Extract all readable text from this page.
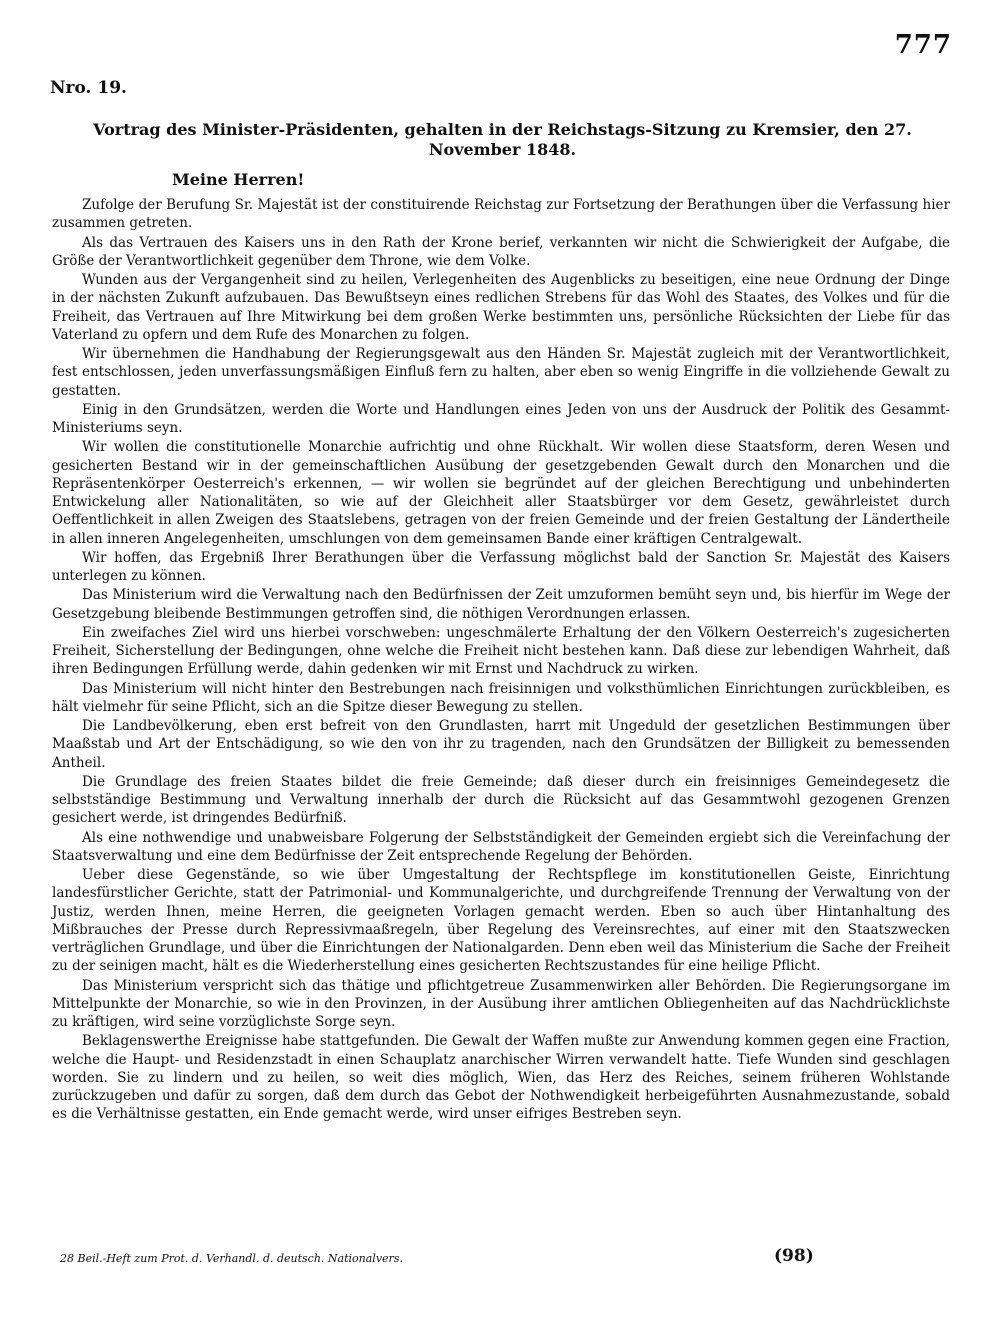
777
Nro. 19.
Vortrag des Minister-Präsidenten, gehalten in der Reichstags-Sitzung zu Kremsier, den 27. November 1848.
Meine Herren!

Zufolge der Berufung Sr. Majestät ist der constituirende Reichstag zur Fortsetzung der Berathungen über die Verfassung hier zusammen getreten.

Als das Vertrauen des Kaisers uns in den Rath der Krone berief, verkannten wir nicht die Schwierigkeit der Aufgabe, die Größe der Verantwortlichkeit gegenüber dem Throne, wie dem Volke.

Wunden aus der Vergangenheit sind zu heilen, Verlegenheiten des Augenblicks zu beseitigen, eine neue Ordnung der Dinge in der nächsten Zukunft aufzubauen. Das Bewußtseyn eines redlichen Strebens für das Wohl des Staates, des Volkes und für die Freiheit, das Vertrauen auf Ihre Mitwirkung bei dem großen Werke bestimmten uns, persönliche Rücksichten der Liebe für das Vaterland zu opfern und dem Rufe des Monarchen zu folgen.

Wir übernehmen die Handhabung der Regierungsgewalt aus den Händen Sr. Majestät zugleich mit der Verantwortlichkeit, fest entschlossen, jeden unverfassungsmäßigen Einfluß fern zu halten, aber eben so wenig Eingriffe in die vollziehende Gewalt zu gestatten.

Einig in den Grundsätzen, werden die Worte und Handlungen eines Jeden von uns der Ausdruck der Politik des Gesammt-Ministeriums seyn.

Wir wollen die constitutionelle Monarchie aufrichtig und ohne Rückhalt. Wir wollen diese Staatsform, deren Wesen und gesicherten Bestand wir in der gemeinschaftlichen Ausübung der gesetzgebenden Gewalt durch den Monarchen und die Repräsentenkörper Oesterreich's erkennen, — wir wollen sie begründet auf der gleichen Berechtigung und unbehinderten Entwickelung aller Nationalitäten, so wie auf der Gleichheit aller Staatsbürger vor dem Gesetz, gewährleistet durch Oeffentlichkeit in allen Zweigen des Staatslebens, getragen von der freien Gemeinde und der freien Gestaltung der Ländertheile in allen inneren Angelegenheiten, umschlungen von dem gemeinsamen Bande einer kräftigen Centralgewalt.

Wir hoffen, das Ergebniß Ihrer Berathungen über die Verfassung möglichst bald der Sanction Sr. Majestät des Kaisers unterlegen zu können.

Das Ministerium wird die Verwaltung nach den Bedürfnissen der Zeit umzuformen bemüht seyn und, bis hierfür im Wege der Gesetzgebung bleibende Bestimmungen getroffen sind, die nöthigen Verordnungen erlassen.

Ein zweifaches Ziel wird uns hierbei vorschweben: ungeschmälerte Erhaltung der den Völkern Oesterreich's zugesicherten Freiheit, Sicherstellung der Bedingungen, ohne welche die Freiheit nicht bestehen kann. Daß diese zur lebendigen Wahrheit, daß ihren Bedingungen Erfüllung werde, dahin gedenken wir mit Ernst und Nachdruck zu wirken.

Das Ministerium will nicht hinter den Bestrebungen nach freisinnigen und volksthümlichen Einrichtungen zurückbleiben, es hält vielmehr für seine Pflicht, sich an die Spitze dieser Bewegung zu stellen.

Die Landbevölkerung, eben erst befreit von den Grundlasten, harrt mit Ungeduld der gesetzlichen Bestimmungen über Maaßstab und Art der Entschädigung, so wie den von ihr zu tragenden, nach den Grundsätzen der Billigkeit zu bemessenden Antheil.

Die Grundlage des freien Staates bildet die freie Gemeinde; daß dieser durch ein freisinniges Gemeindegesetz die selbstständige Bestimmung und Verwaltung innerhalb der durch die Rücksicht auf das Gesammtwohl gezogenen Grenzen gesichert werde, ist dringendes Bedürfniß.

Als eine nothwendige und unabweisbare Folgerung der Selbstständigkeit der Gemeinden ergiebt sich die Vereinfachung der Staatsverwaltung und eine dem Bedürfnisse der Zeit entsprechende Regelung der Behörden.

Ueber diese Gegenstände, so wie über Umgestaltung der Rechtspflege im konstitutionellen Geiste, Einrichtung landesfürstlicher Gerichte, statt der Patrimonial- und Kommunalgerichte, und durchgreifende Trennung der Verwaltung von der Justiz, werden Ihnen, meine Herren, die geeigneten Vorlagen gemacht werden. Eben so auch über Hintanhaltung des Mißbrauches der Presse durch Repressivmaaßregeln, über Regelung des Vereinsrechtes, auf einer mit den Staatszwecken verträglichen Grundlage, und über die Einrichtungen der Nationalgarden. Denn eben weil das Ministerium die Sache der Freiheit zu der seinigen macht, hält es die Wiederherstellung eines gesicherten Rechtszustandes für eine heilige Pflicht.

Das Ministerium verspricht sich das thätige und pflichtgetreue Zusammenwirken aller Behörden. Die Regierungsorgane im Mittelpunkte der Monarchie, so wie in den Provinzen, in der Ausübung ihrer amtlichen Obliegenheiten auf das Nachdrücklichste zu kräftigen, wird seine vorzüglichste Sorge seyn.

Beklagenswerthe Ereignisse habe stattgefunden. Die Gewalt der Waffen mußte zur Anwendung kommen gegen eine Fraction, welche die Haupt- und Residenzstadt in einen Schauplatz anarchischer Wirren verwandelt hatte. Tiefe Wunden sind geschlagen worden. Sie zu lindern und zu heilen, so weit dies möglich, Wien, das Herz des Reiches, seinem früheren Wohlstande zurückzugeben und dafür zu sorgen, daß dem durch das Gebot der Nothwendigkeit herbeigeführten Ausnahmezustande, sobald es die Verhältnisse gestatten, ein Ende gemacht werde, wird unser eifriges Bestreben seyn.

28 Beil.-Heft zum Prot. d. Verhandl. d. deutsch. Nationalvers.	(98)
